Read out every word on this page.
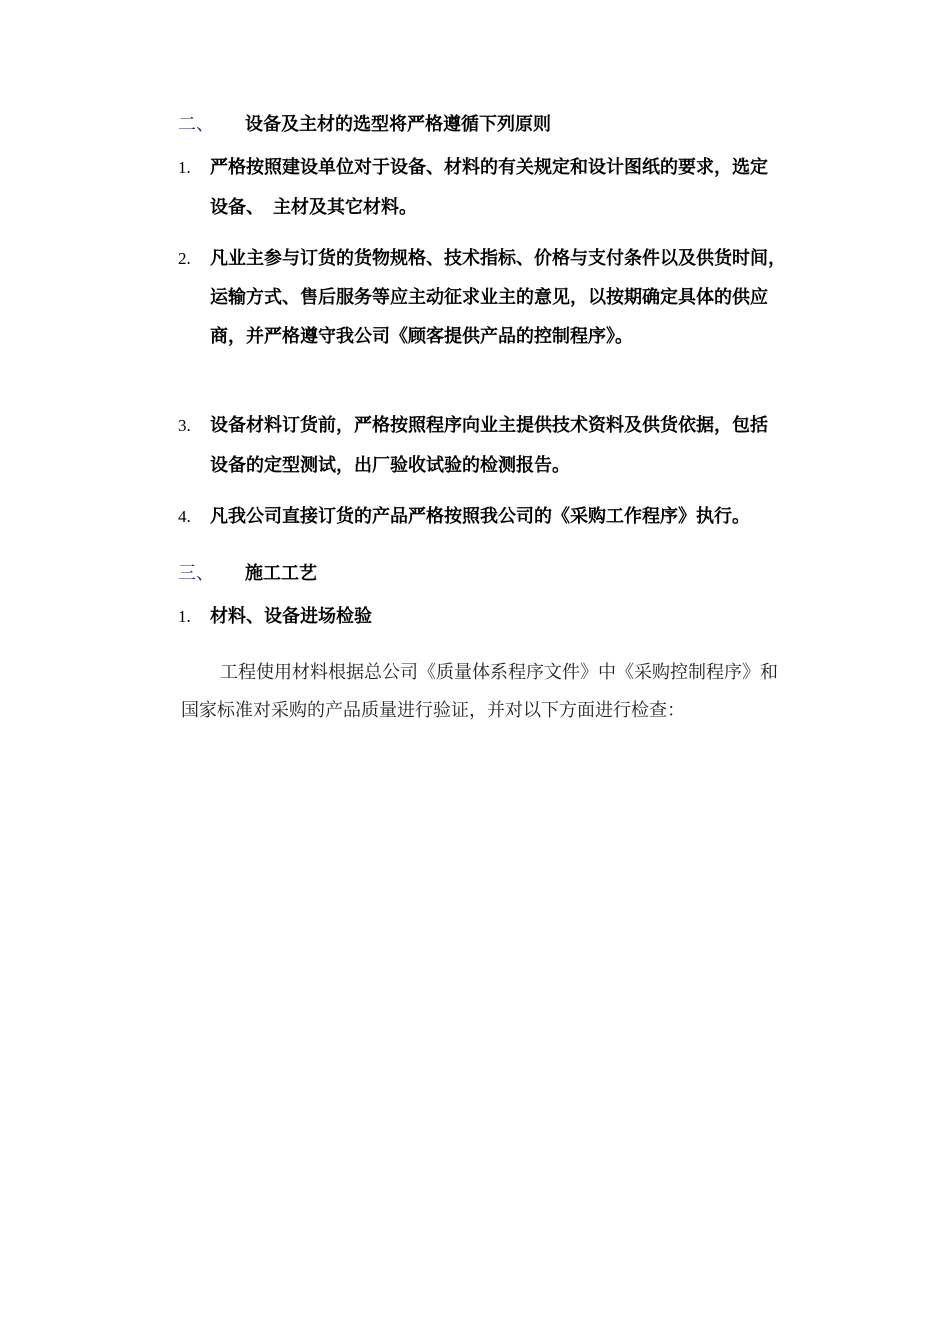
二、 设备及主材的选型将严格遵循下列原则
1. 严格按照建设单位对于设备、材料的有关规定和设计图纸的要求，选定
设备、　主材及其它材料。
2. 凡业主参与订货的货物规格、技术指标、价格与支付条件以及供货时间，
运输方式、售后服务等应主动征求业主的意见，以按期确定具体的供应
商，并严格遵守我公司《顾客提供产品的控制程序》。
3. 设备材料订货前，严格按照程序向业主提供技术资料及供货依据，包括
设备的定型测试，出厂验收试验的检测报告。
4. 凡我公司直接订货的产品严格按照我公司的《采购工作程序》执行。
三、 施工工艺
1. 材料、设备进场检验
工程使用材料根据总公司《质量体系程序文件》中《采购控制程序》和
国家标准对采购的产品质量进行验证，并对以下方面进行检查：
